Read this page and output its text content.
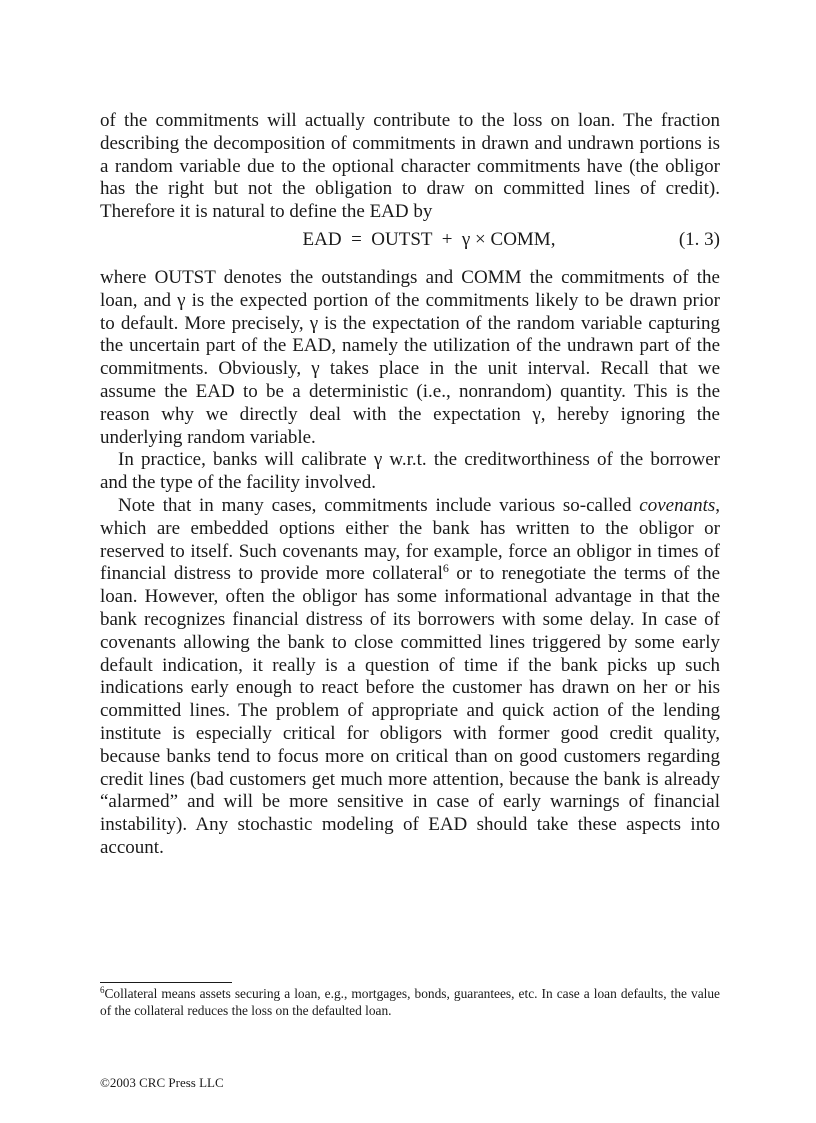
of the commitments will actually contribute to the loss on loan. The fraction describing the decomposition of commitments in drawn and undrawn portions is a random variable due to the optional character commitments have (the obligor has the right but not the obligation to draw on committed lines of credit). Therefore it is natural to define the EAD by

EAD  =  OUTST  +  γ × COMM,	(1. 3)

where OUTST denotes the outstandings and COMM the commitments of the loan, and γ is the expected portion of the commitments likely to be drawn prior to default. More precisely, γ is the expectation of the random variable capturing the uncertain part of the EAD, namely the utilization of the undrawn part of the commitments. Obviously, γ takes place in the unit interval. Recall that we assume the EAD to be a deterministic (i.e., nonrandom) quantity. This is the reason why we directly deal with the expectation γ, hereby ignoring the underlying random variable.

In practice, banks will calibrate γ w.r.t. the creditworthiness of the borrower and the type of the facility involved.

Note that in many cases, commitments include various so-called covenants, which are embedded options either the bank has written to the obligor or reserved to itself. Such covenants may, for example, force an obligor in times of financial distress to provide more collateral$^6$ or to renegotiate the terms of the loan. However, often the obligor has some informational advantage in that the bank recognizes financial distress of its borrowers with some delay. In case of covenants allowing the bank to close committed lines triggered by some early default indication, it really is a question of time if the bank picks up such indications early enough to react before the customer has drawn on her or his committed lines. The problem of appropriate and quick action of the lending institute is especially critical for obligors with former good credit quality, because banks tend to focus more on critical than on good customers regarding credit lines (bad customers get much more attention, because the bank is already “alarmed” and will be more sensitive in case of early warnings of financial instability). Any stochastic modeling of EAD should take these aspects into account.

$^6$Collateral means assets securing a loan, e.g., mortgages, bonds, guarantees, etc. In case a loan defaults, the value of the collateral reduces the loss on the defaulted loan.
©2003 CRC Press LLC
